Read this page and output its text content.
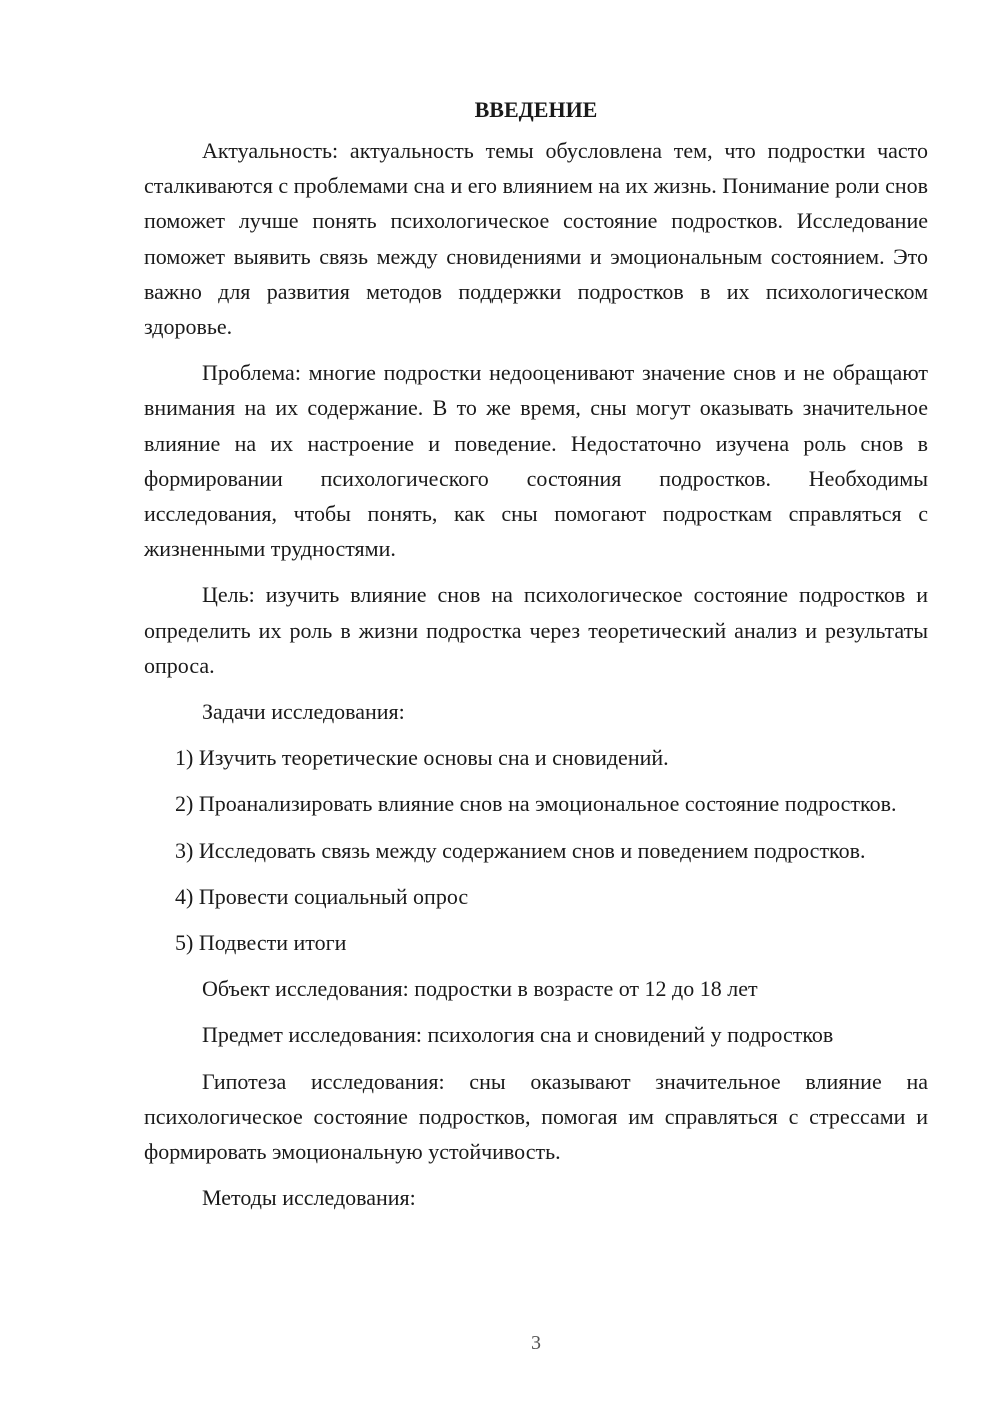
ВВЕДЕНИЕ

Актуальность: актуальность темы обусловлена тем, что подростки часто сталкиваются с проблемами сна и его влиянием на их жизнь. Понимание роли снов поможет лучше понять психологическое состояние подростков. Исследование поможет выявить связь между сновидениями и эмоциональным состоянием. Это важно для развития методов поддержки подростков в их психологическом здоровье.

Проблема: многие подростки недооценивают значение снов и не обращают внимания на их содержание. В то же время, сны могут оказывать значительное влияние на их настроение и поведение. Недостаточно изучена роль снов в формировании психологического состояния подростков. Необходимы исследования, чтобы понять, как сны помогают подросткам справляться с жизненными трудностями.

Цель: изучить влияние снов на психологическое состояние подростков и определить их роль в жизни подростка через теоретический анализ и результаты опроса.

Задачи исследования:

1) Изучить теоретические основы сна и сновидений.

2) Проанализировать влияние снов на эмоциональное состояние подростков.

3) Исследовать связь между содержанием снов и поведением подростков.

4) Провести социальный опрос

5) Подвести итоги

Объект исследования: подростки в возрасте от 12 до 18 лет

Предмет исследования: психология сна и сновидений у подростков

Гипотеза исследования: сны оказывают значительное влияние на психологическое состояние подростков, помогая им справляться с стрессами и формировать эмоциональную устойчивость.

Методы исследования:

3
